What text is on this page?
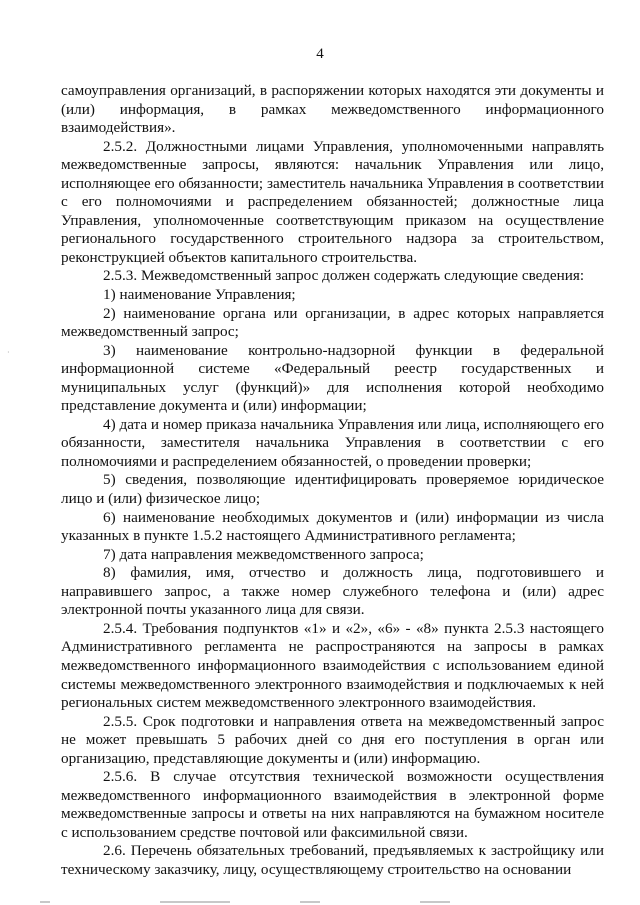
4
·

самоуправления организаций, в распоряжении которых находятся эти документы и (или) информация, в рамках межведомственного информационного взаимодействия».

2.5.2. Должностными лицами Управления, уполномоченными направлять межведомственные запросы, являются: начальник Управления или лицо, исполняющее его обязанности; заместитель начальника Управления в соответствии с его полномочиями и распределением обязанностей; должностные лица Управления, уполномоченные соответствующим приказом на осуществление регионального государственного строительного надзора за строительством, реконструкцией объектов капитального строительства.

2.5.3. Межведомственный запрос должен содержать следующие сведения:

1) наименование Управления;

2) наименование органа или организации, в адрес которых направляется межведомственный запрос;

3) наименование контрольно-надзорной функции в федеральной информационной системе «Федеральный реестр государственных и муниципальных услуг (функций)» для исполнения которой необходимо представление документа и (или) информации;

4) дата и номер приказа начальника Управления или лица, исполняющего его обязанности, заместителя начальника Управления в соответствии с его полномочиями и распределением обязанностей, о проведении проверки;

5) сведения, позволяющие идентифицировать проверяемое юридическое лицо и (или) физическое лицо;

6) наименование необходимых документов и (или) информации из числа указанных в пункте 1.5.2 настоящего Административного регламента;

7) дата направления межведомственного запроса;

8) фамилия, имя, отчество и должность лица, подготовившего и направившего запрос, а также номер служебного телефона и (или) адрес электронной почты указанного лица для связи.

2.5.4. Требования подпунктов «1» и «2», «6» - «8» пункта 2.5.3 настоящего Административного регламента не распространяются на запросы в рамках межведомственного информационного взаимодействия с использованием единой системы межведомственного электронного взаимодействия и подключаемых к ней региональных систем межведомственного электронного взаимодействия.

2.5.5. Срок подготовки и направления ответа на межведомственный запрос не может превышать 5 рабочих дней со дня его поступления в орган или организацию, представляющие документы и (или) информацию.

2.5.6. В случае отсутствия технической возможности осуществления межведомственного информационного взаимодействия в электронной форме межведомственные запросы и ответы на них направляются на бумажном носителе с использованием средстве почтовой или факсимильной связи.

2.6. Перечень обязательных требований, предъявляемых к застройщику или техническому заказчику, лицу, осуществляющему строительство на основании
